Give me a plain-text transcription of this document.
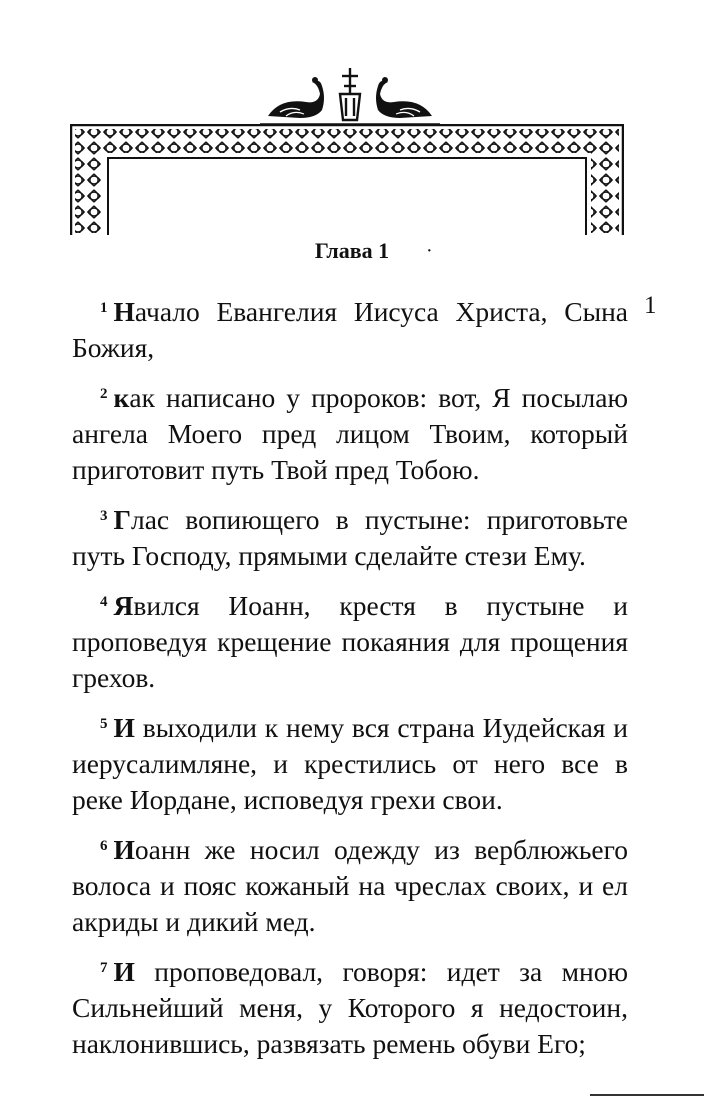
Глава 1 ·
1

$^1$ Начало Евангелия Иисуса Христа, Сына Божия,

$^2$ как написано у пророков: вот, Я посылаю ангела Моего пред лицом Твоим, который приготовит путь Твой пред Тобою.

$^3$ Глас вопиющего в пустыне: приготовьте путь Господу, прямыми сделайте стези Ему.

$^4$ Явился Иоанн, крестя в пустыне и проповедуя крещение покаяния для прощения грехов.

$^5$ И выходили к нему вся страна Иудейская и иерусалимляне, и крестились от него все в реке Иордане, исповедуя грехи свои.

$^6$ Иоанн же носил одежду из верблюжьего волоса и пояс кожаный на чреслах своих, и ел акриды и дикий мед.

$^7$ И проповедовал, говоря: идет за мною Сильнейший меня, у Которого я недостоин, наклонившись, развязать ремень обуви Его;
